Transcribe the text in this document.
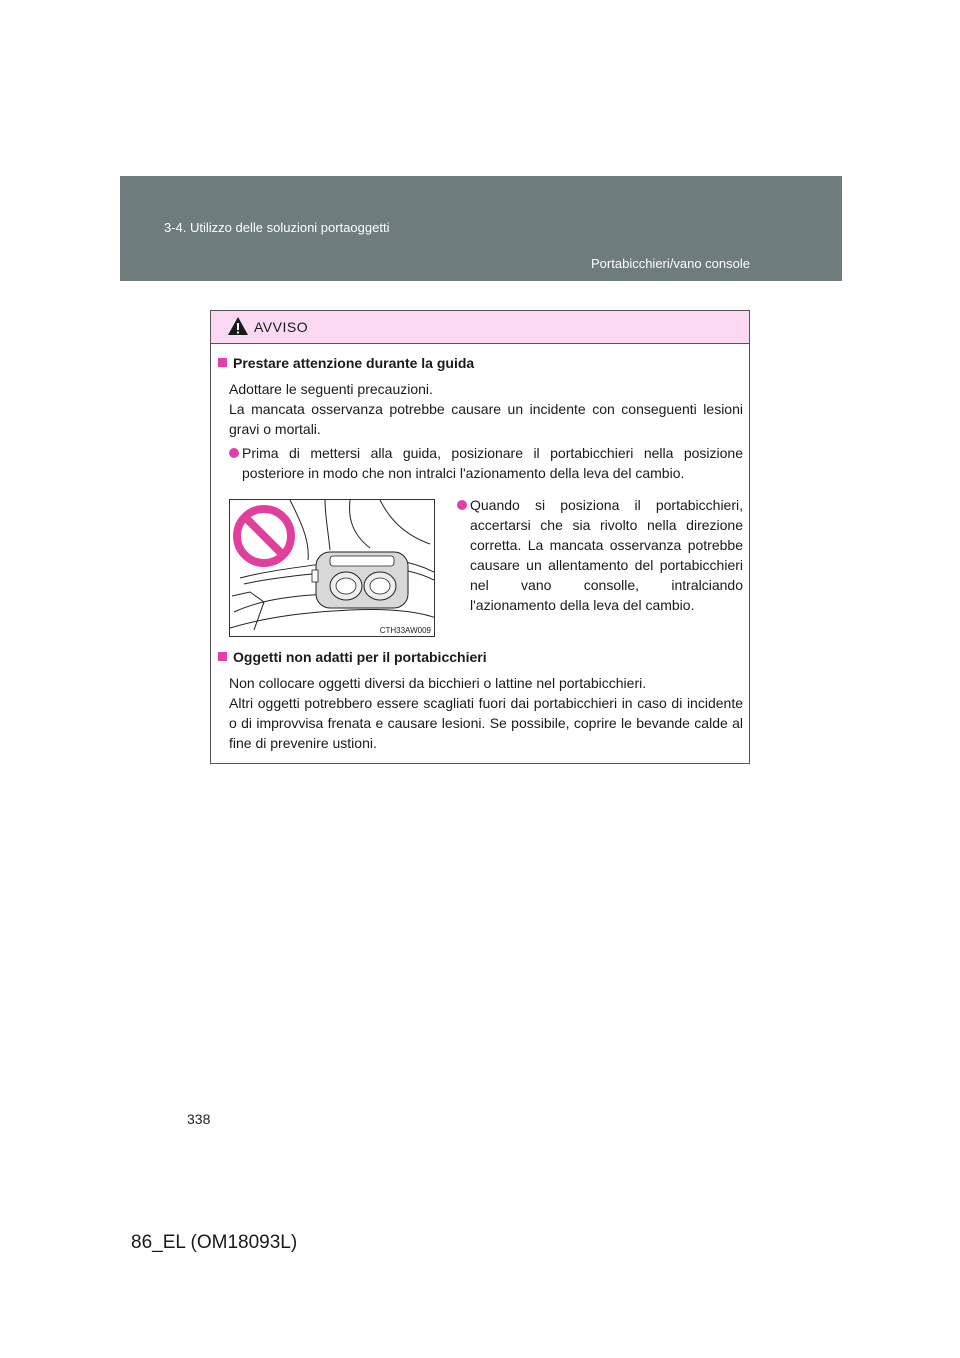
3-4. Utilizzo delle soluzioni portaoggetti
Portabicchieri/vano console
AVVISO
Prestare attenzione durante la guida

Adottare le seguenti precauzioni.

La mancata osservanza potrebbe causare un incidente con conseguenti lesioni gravi o mortali.

Prima di mettersi alla guida, posizionare il portabicchieri nella posizione posteriore in modo che non intralci l'azionamento della leva del cambio.
CTH33AW009
Quando si posiziona il portabicchieri, accertarsi che sia rivolto nella direzione corretta. La mancata osservanza potrebbe causare un allentamento del portabicchieri nel vano consolle, intralciando l'azionamento della leva del cambio.
Oggetti non adatti per il portabicchieri

Non collocare oggetti diversi da bicchieri o lattine nel portabicchieri.

Altri oggetti potrebbero essere scagliati fuori dai portabicchieri in caso di incidente o di improvvisa frenata e causare lesioni. Se possibile, coprire le bevande calde al fine di prevenire ustioni.

338
86_EL (OM18093L)
